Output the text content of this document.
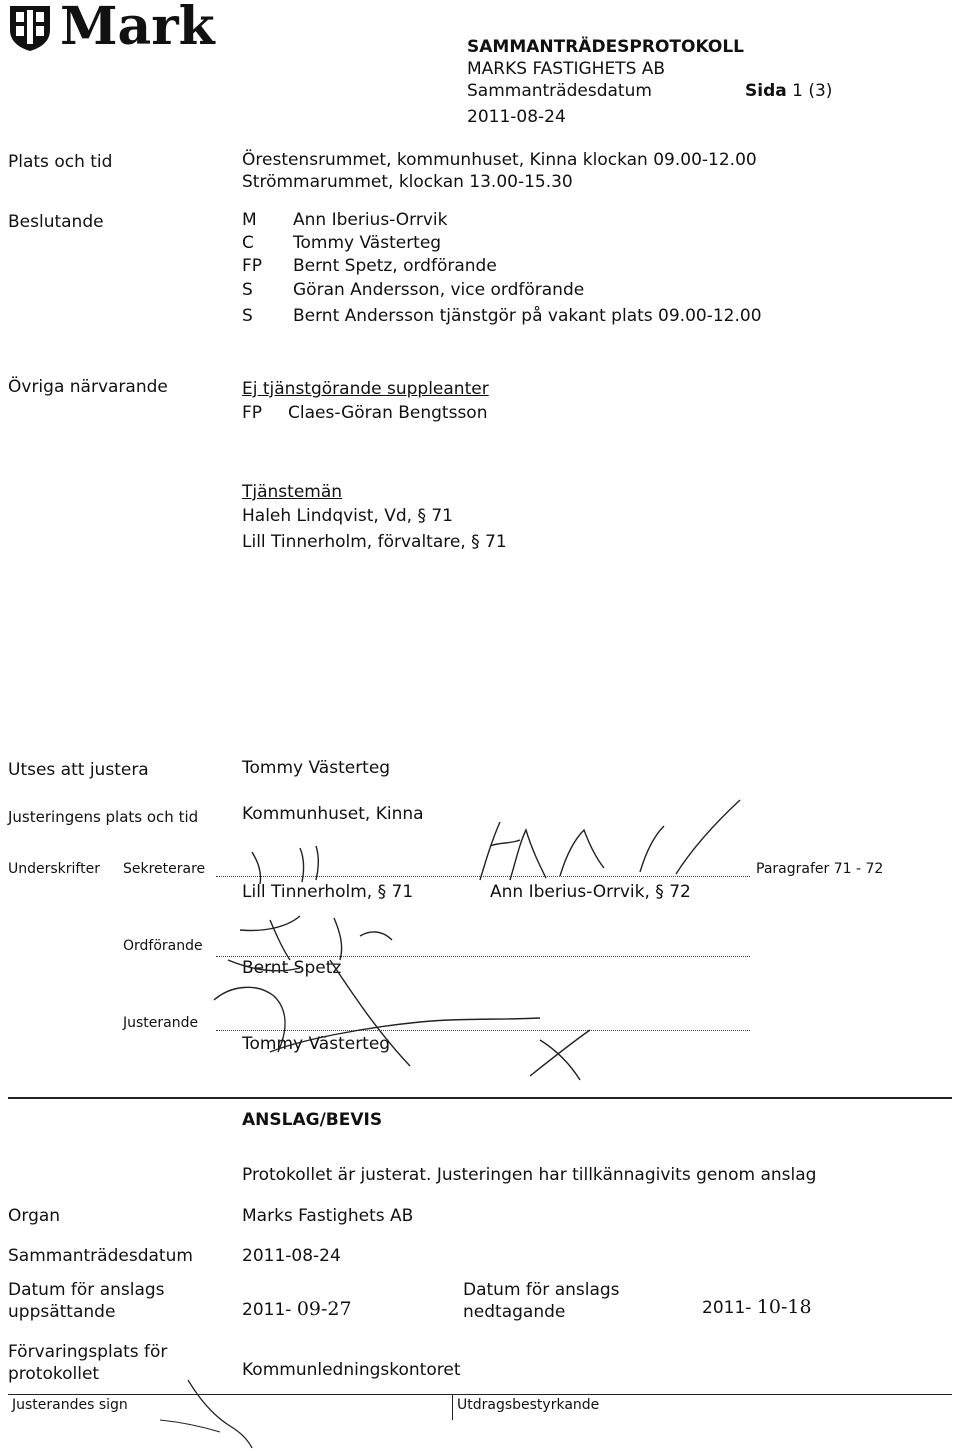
Mark	SAMMANTRÄDESPROTOKOLL
MARKS FASTIGHETS AB
Sammanträdesdatum	Sida 1 (3)
2011-08-24
Plats och tid	Örestensrummet, kommunhuset, Kinna klockan 09.00-12.00
Strömmarummet, klockan 13.00-15.30
Beslutande	M Ann Iberius-Orrvik
C Tommy Västerteg
FP Bernt Spetz, ordförande
S Göran Andersson, vice ordförande
S Bernt Andersson tjänstgör på vakant plats 09.00-12.00
Övriga närvarande	Ej tjänstgörande suppleanter
FP Claes-Göran Bengtsson
Tjänstemän
Haleh Lindqvist, Vd, § 71
Lill Tinnerholm, förvaltare, § 71
Utses att justera	Tommy Västerteg
Justeringens plats och tid	Kommunhuset, Kinna
Underskrifter Sekreterare	Paragrafer 71 - 72
Lill Tinnerholm, § 71	Ann Iberius-Orrvik, § 72
Ordförande
Bernt Spetz
Justerande
Tommy Västerteg
ANSLAG/BEVIS
Protokollet är justerat. Justeringen har tillkännagivits genom anslag
Organ	Marks Fastighets AB
Sammanträdesdatum	2011-08-24
Datum för anslags
uppsättande	2011- 09-27
Datum för anslags
nedtagande	2011- 10-18
Förvaringsplats för
protokollet	Kommunledningskontoret
Justerandes sign	Utdragsbestyrkande
